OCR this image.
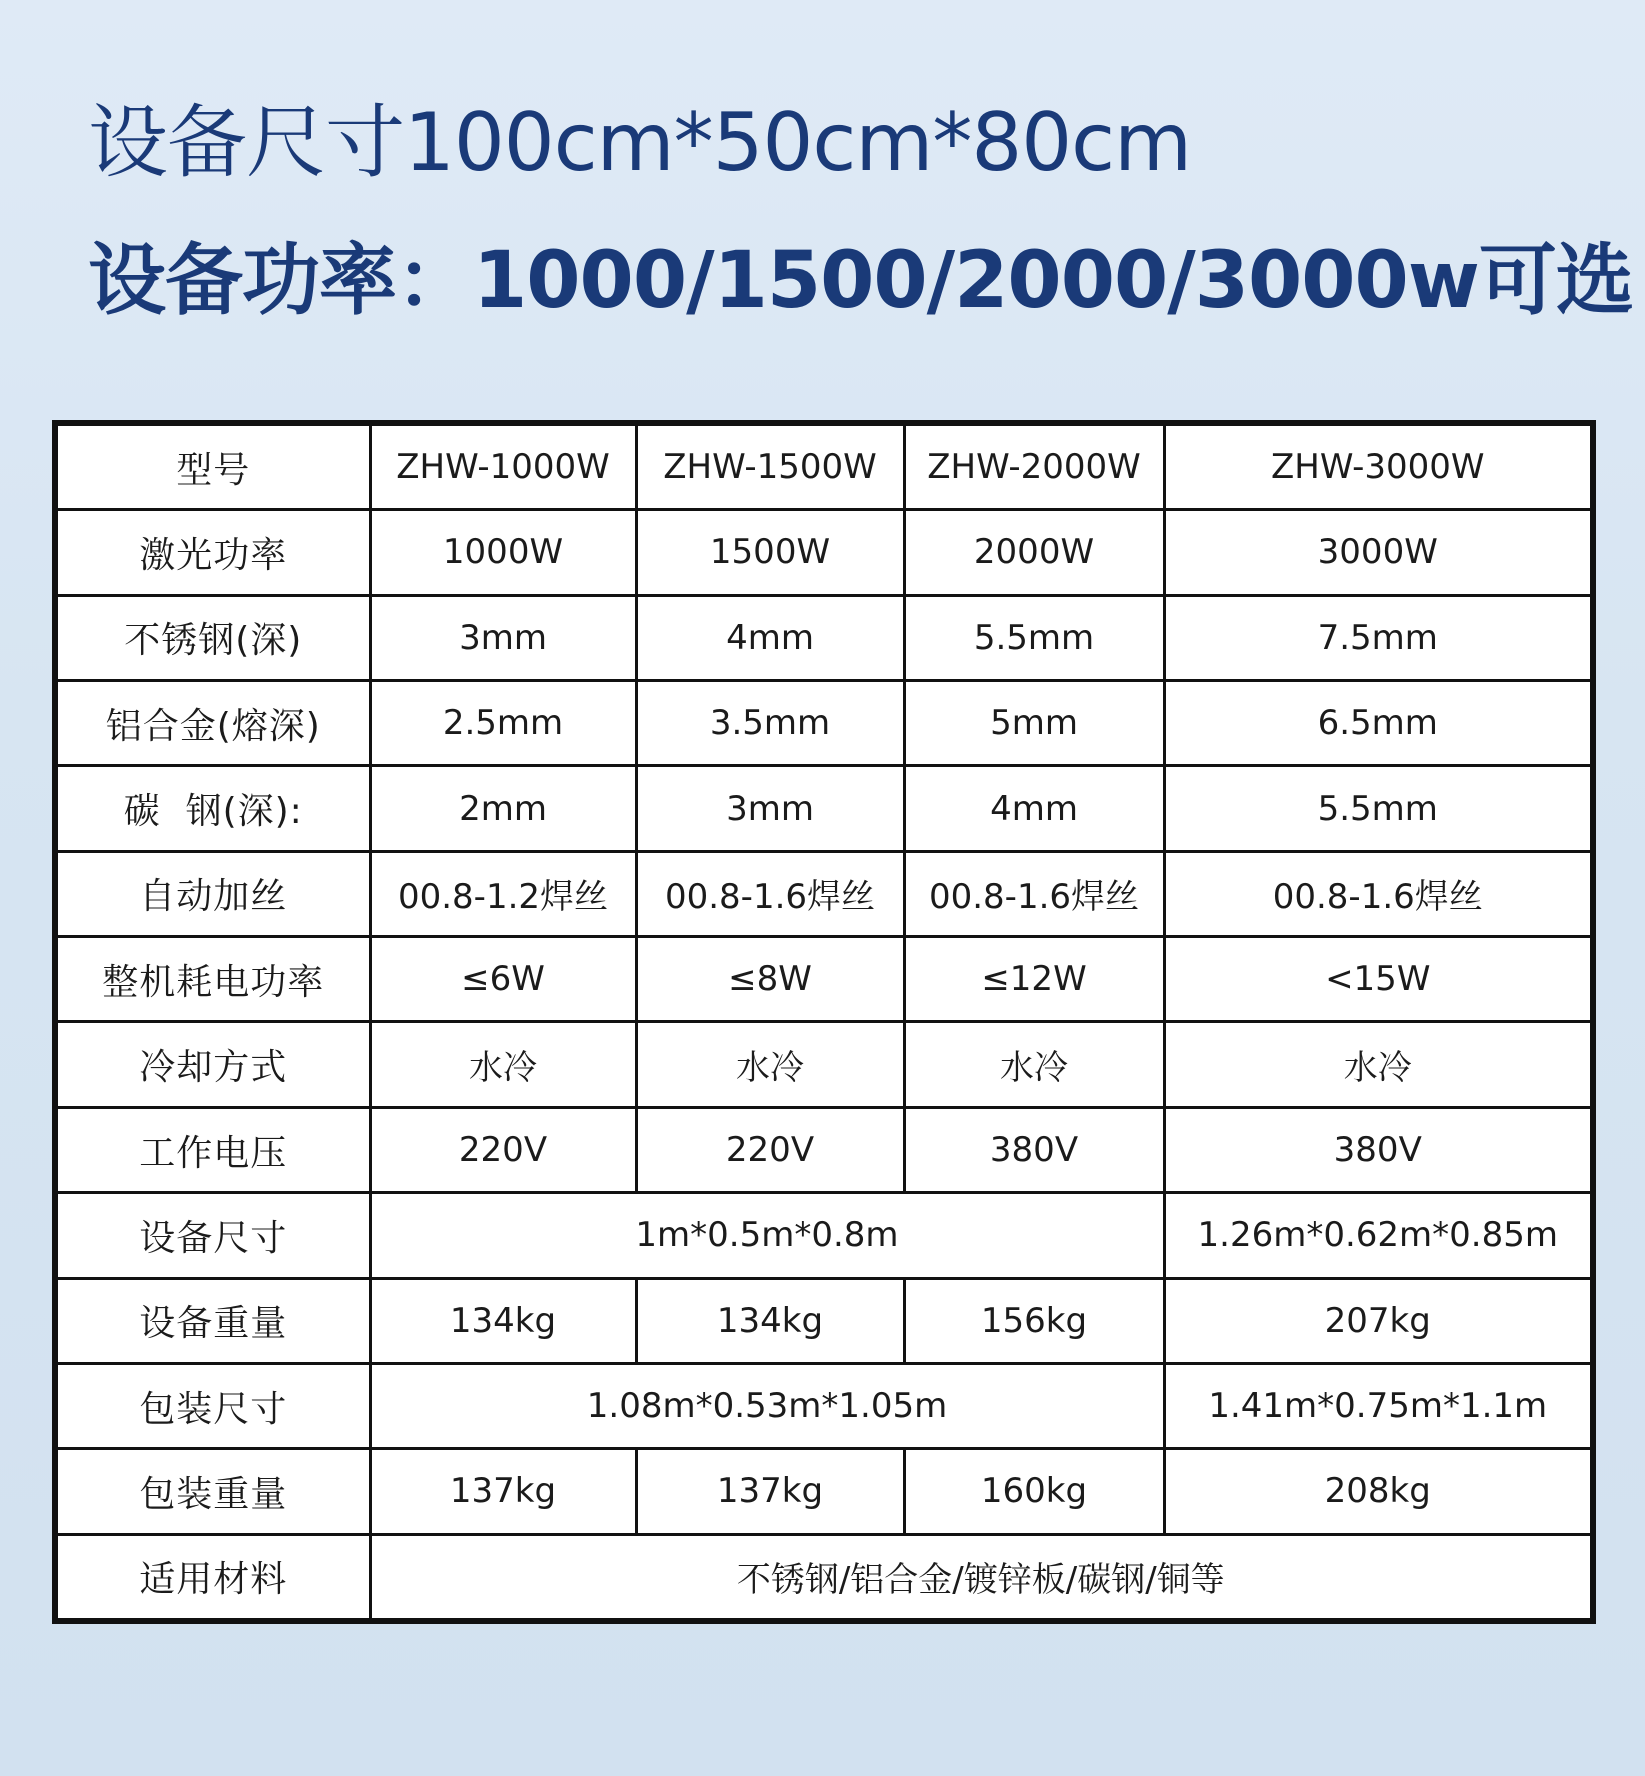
设备尺寸100cm*50cm*80cm
设备功率：1000/1500/2000/3000w可选
型号	ZHW-1000W	ZHW-1500W	ZHW-2000W	ZHW-3000W
激光功率	1000W	1500W	2000W	3000W
不锈钢(深)	3mm	4mm	5.5mm	7.5mm
铝合金(熔深)	2.5mm	3.5mm	5mm	6.5mm
碳  钢(深):	2mm	3mm	4mm	5.5mm
自动加丝	00.8-1.2焊丝	00.8-1.6焊丝	00.8-1.6焊丝	00.8-1.6焊丝
整机耗电功率	≤6W	≤8W	≤12W	<15W
冷却方式	水冷	水冷	水冷	水冷
工作电压	220V	220V	380V	380V
设备尺寸	1m*0.5m*0.8m			1.26m*0.62m*0.85m
设备重量	134kg	134kg	156kg	207kg
包装尺寸	1.08m*0.53m*1.05m			1.41m*0.75m*1.1m
包装重量	137kg	137kg	160kg	208kg
适用材料	不锈钢/铝合金/镀锌板/碳钢/铜等			
